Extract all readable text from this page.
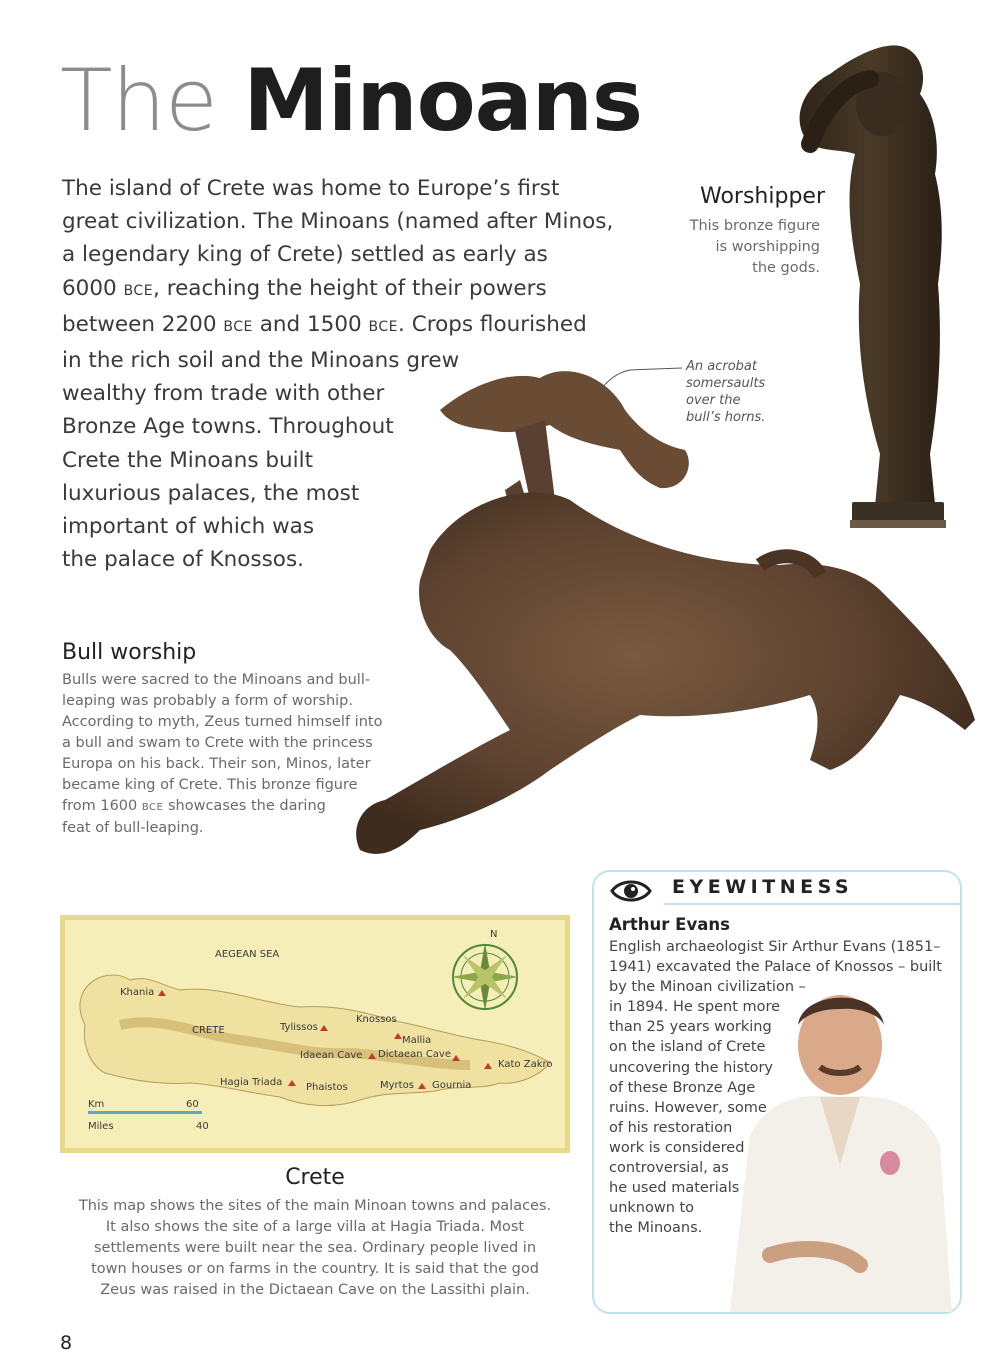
The Minoans
The island of Crete was home to Europe’s first
great civilization. The Minoans (named after Minos,
a legendary king of Crete) settled as early as
6000 BCE, reaching the height of their powers
between 2200 BCE and 1500 BCE. Crops flourished
in the rich soil and the Minoans grew
wealthy from trade with other
Bronze Age towns. Throughout
Crete the Minoans built
luxurious palaces, the most
important of which was
the palace of Knossos.
Worshipper
This bronze figure
is worshipping
the gods.
An acrobat
somersaults
over the
bull’s horns.
Bull worship
Bulls were sacred to the Minoans and bull-
leaping was probably a form of worship.
According to myth, Zeus turned himself into
a bull and swam to Crete with the princess
Europa on his back. Their son, Minos, later
became king of Crete. This bronze figure
from 1600 BCE showcases the daring
feat of bull-leaping.
AEGEAN SEA
N
Khania
CRETE	Tylissos
Knossos
Mallia
Idaean Cave Dictaean Cave
Kato Zakro
Hagia Triada Phaistos	Myrtos Gournia
Km	60
Miles	40
Crete
This map shows the sites of the main Minoan towns and palaces.
It also shows the site of a large villa at Hagia Triada. Most
settlements were built near the sea. Ordinary people lived in
town houses or on farms in the country. It is said that the god
Zeus was raised in the Dictaean Cave on the Lassithi plain.
EYEWITNESS
Arthur Evans
English archaeologist Sir Arthur Evans (1851–
1941) excavated the Palace of Knossos – built
by the Minoan civilization –
in 1894. He spent more
than 25 years working
on the island of Crete
uncovering the history
of these Bronze Age
ruins. However, some
of his restoration
work is considered
controversial, as
he used materials
unknown to
the Minoans.
8
